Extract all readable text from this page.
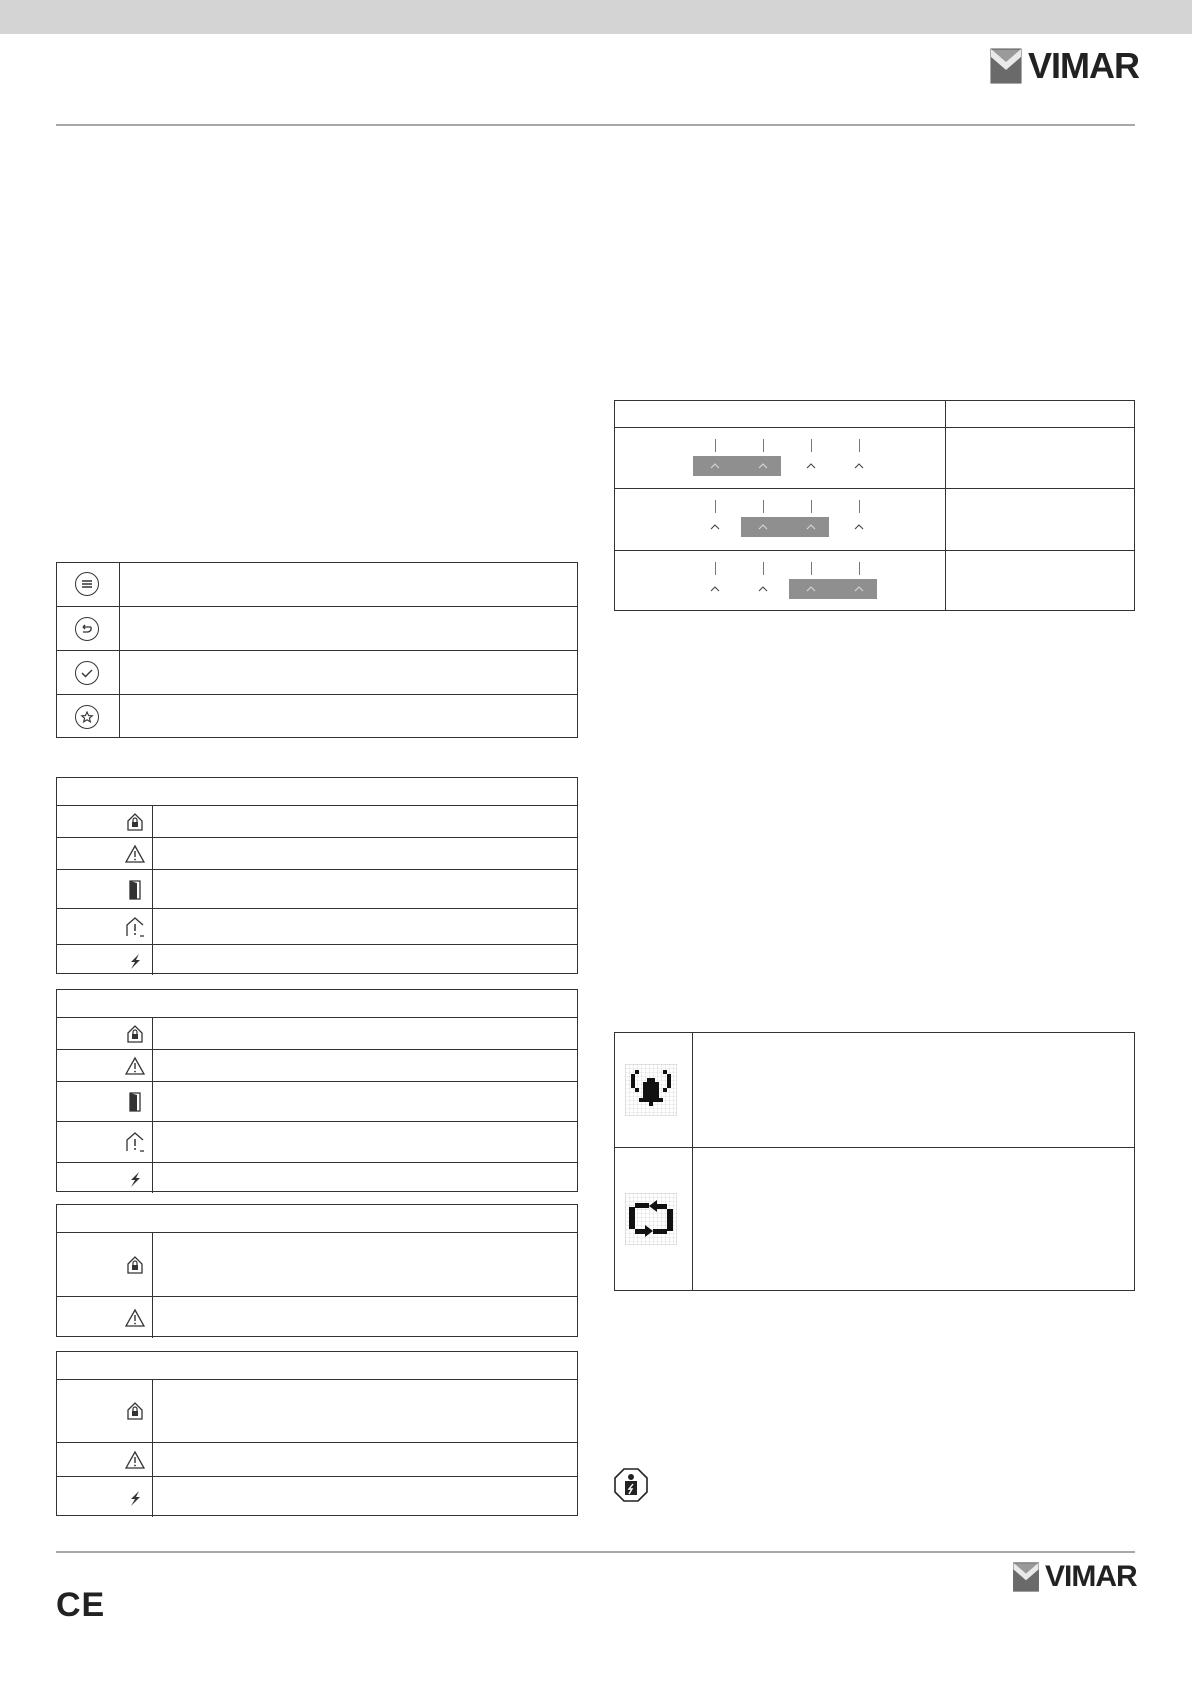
VIMAR
CE
VIMAR
